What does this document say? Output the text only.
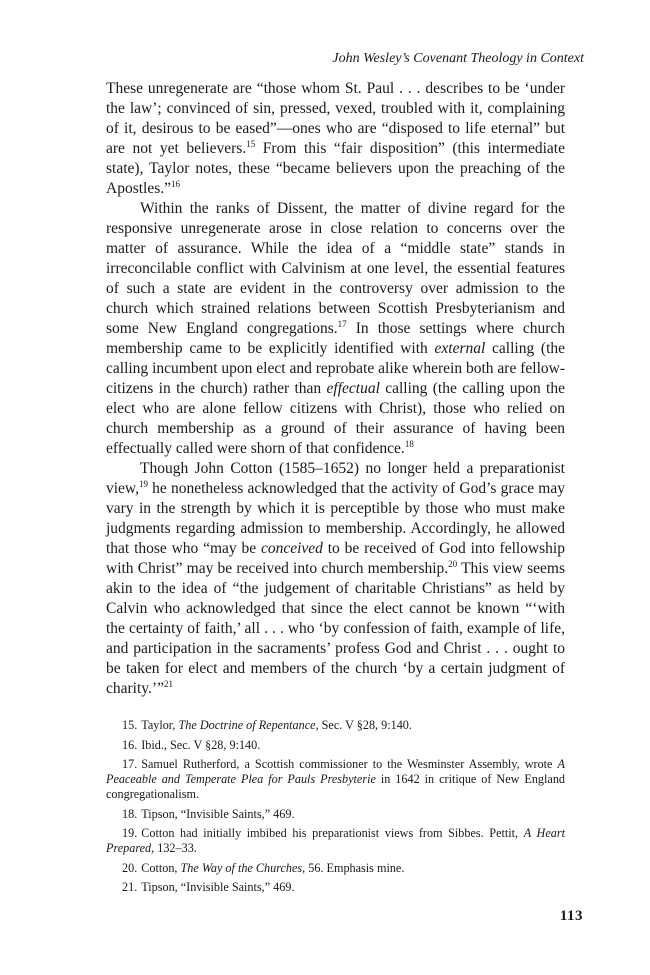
John Wesley’s Covenant Theology in Context

These unregenerate are “those whom St. Paul . . . describes to be ‘under the law’; convinced of sin, pressed, vexed, troubled with it, complaining of it, desirous to be eased”—ones who are “disposed to life eternal” but are not yet believers.$^{15}$ From this “fair disposition” (this intermediate state), Taylor notes, these “became believers upon the preaching of the Apostles.”$^{16}$

Within the ranks of Dissent, the matter of divine regard for the responsive unregenerate arose in close relation to concerns over the matter of assurance. While the idea of a “middle state” stands in irreconcilable conflict with Calvinism at one level, the essential features of such a state are evident in the controversy over admission to the church which strained relations between Scottish Presbyterianism and some New England congregations.$^{17}$ In those settings where church membership came to be explicitly identified with external calling (the calling incumbent upon elect and reprobate alike wherein both are fellow-citizens in the church) rather than effectual calling (the calling upon the elect who are alone fellow citizens with Christ), those who relied on church membership as a ground of their assurance of having been effectually called were shorn of that confidence.$^{18}$

Though John Cotton (1585–1652) no longer held a preparationist view,$^{19}$ he nonetheless acknowledged that the activity of God’s grace may vary in the strength by which it is perceptible by those who must make judgments regarding admission to membership. Accordingly, he allowed that those who “may be conceived to be received of God into fellowship with Christ” may be received into church membership.$^{20}$ This view seems akin to the idea of “the judgement of charitable Christians” as held by Calvin who acknowledged that since the elect cannot be known “‘with the certainty of faith,’ all . . . who ‘by confession of faith, example of life, and participation in the sacraments’ profess God and Christ . . . ought to be taken for elect and members of the church ‘by a certain judgment of charity.’”$^{21}$

15. Taylor, The Doctrine of Repentance, Sec. V §28, 9:140.

16. Ibid., Sec. V §28, 9:140.

17. Samuel Rutherford, a Scottish commissioner to the Wesminster Assembly, wrote A Peaceable and Temperate Plea for Pauls Presbyterie in 1642 in critique of New England congregationalism.

18. Tipson, “Invisible Saints,” 469.

19. Cotton had initially imbibed his preparationist views from Sibbes. Pettit, A Heart Prepared, 132–33.

20. Cotton, The Way of the Churches, 56. Emphasis mine.

21. Tipson, “Invisible Saints,” 469.

113
